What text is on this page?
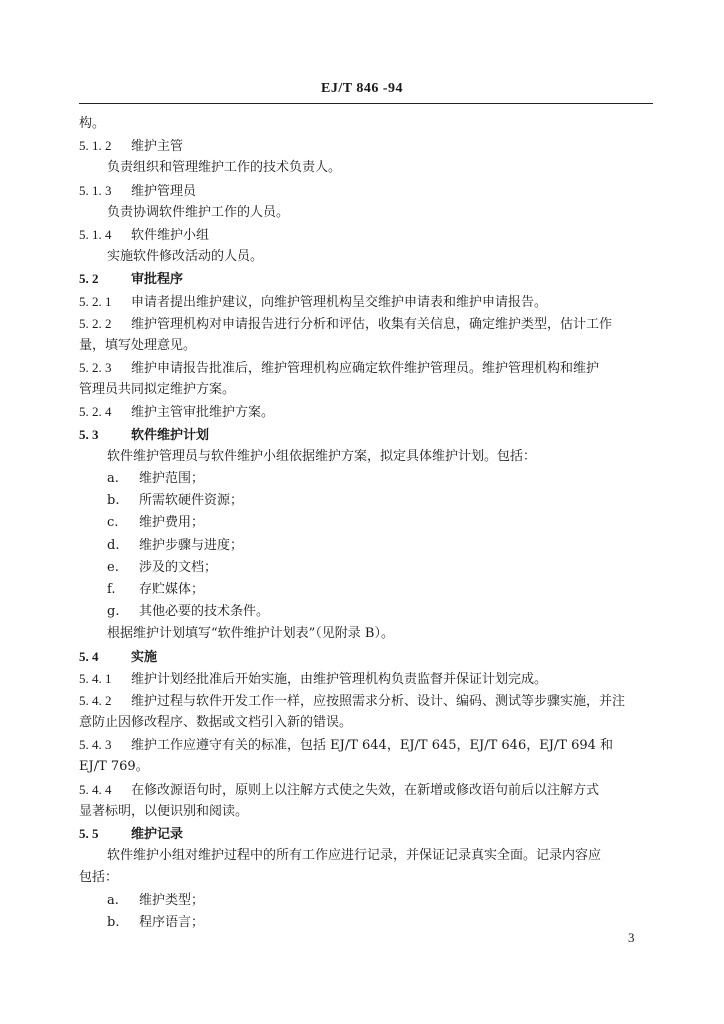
EJ/T 846 -94
构。
5. 1. 2 维护主管
负责组织和管理维护工作的技术负责人。
5. 1. 3 维护管理员
负责协调软件维护工作的人员。
5. 1. 4 软件维护小组
实施软件修改活动的人员。
5. 2	审批程序
5. 2. 1 申请者提出维护建议，向维护管理机构呈交维护申请表和维护申请报告。
5. 2. 2 维护管理机构对申请报告进行分析和评估，收集有关信息，确定维护类型，估计工作
量，填写处理意见。
5. 2. 3 维护申请报告批准后，维护管理机构应确定软件维护管理员。维护管理机构和维护
管理员共同拟定维护方案。
5. 2. 4 维护主管审批维护方案。
5. 3	软件维护计划
软件维护管理员与软件维护小组依据维护方案，拟定具体维护计划。包括：
a. 维护范围；
b. 所需软硬件资源；
c. 维护费用；
d. 维护步骤与进度；
e. 涉及的文档；
f. 存贮媒体；
g. 其他必要的技术条件。
根据维护计划填写“软件维护计划表”（见附录 B）。
5. 4	实施
5. 4. 1 维护计划经批准后开始实施，由维护管理机构负责监督并保证计划完成。
5. 4. 2 维护过程与软件开发工作一样，应按照需求分析、设计、编码、测试等步骤实施，并注
意防止因修改程序、数据或文档引入新的错误。
5. 4. 3 维护工作应遵守有关的标准，包括 EJ/T 644，EJ/T 645，EJ/T 646，EJ/T 694 和
EJ/T 769。
5. 4. 4 在修改源语句时，原则上以注解方式使之失效，在新增或修改语句前后以注解方式
显著标明，以便识别和阅读。
5. 5	维护记录
软件维护小组对维护过程中的所有工作应进行记录，并保证记录真实全面。记录内容应
包括：
a. 维护类型；
b. 程序语言；
3
